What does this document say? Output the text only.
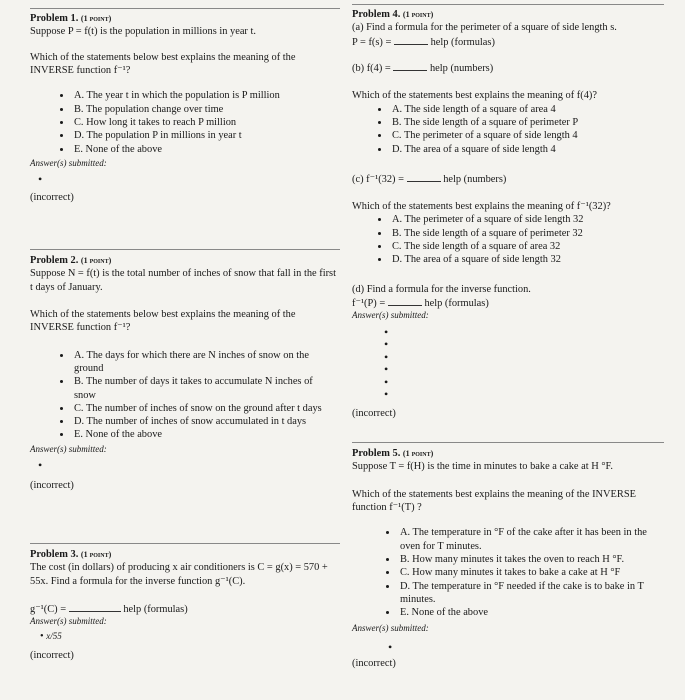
Problem 1. (1 point)

Suppose P = f(t) is the population in millions in year t.

Which of the statements below best explains the meaning of the INVERSE function f⁻¹?

• A. The year t in which the population is P million
• B. The population change over time
• C. How long it takes to reach P million
• D. The population P in millions in year t
• E. None of the above

Answer(s) submitted:

•

(incorrect)

Problem 2. (1 point)

Suppose N = f(t) is the total number of inches of snow that fall in the first t days of January.

Which of the statements below best explains the meaning of the INVERSE function f⁻¹?

• A. The days for which there are N inches of snow on the ground
• B. The number of days it takes to accumulate N inches of snow
• C. The number of inches of snow on the ground after t days
• D. The number of inches of snow accumulated in t days
• E. None of the above

Answer(s) submitted:

•

(incorrect)

Problem 3. (1 point)

The cost (in dollars) of producing x air conditioners is C = g(x) = 570 + 55x. Find a formula for the inverse function g⁻¹(C).

g⁻¹(C) =	help (formulas)

Answer(s) submitted:

• x/55

(incorrect)

Problem 4. (1 point)

(a) Find a formula for the perimeter of a square of side length s.

P = f(s) =	help (formulas)

(b) f(4) =	help (numbers)

Which of the statements best explains the meaning of f(4)?

• A. The side length of a square of area 4
• B. The side length of a square of perimeter P
• C. The perimeter of a square of side length 4
• D. The area of a square of side length 4

(c) f⁻¹(32) =	help (numbers)

Which of the statements best explains the meaning of f⁻¹(32)?

• A. The perimeter of a square of side length 32
• B. The side length of a square of perimeter 32
• C. The side length of a square of area 32
• D. The area of a square of side length 32

(d) Find a formula for the inverse function.

f⁻¹(P) =	help (formulas)

Answer(s) submitted:

•
•
•
•
•
•

(incorrect)

Problem 5. (1 point)

Suppose T = f(H) is the time in minutes to bake a cake at H °F.

Which of the statements best explains the meaning of the INVERSE function f⁻¹(T) ?

• A. The temperature in °F of the cake after it has been in the oven for T minutes.
• B. How many minutes it takes the oven to reach H °F.
• C. How many minutes it takes to bake a cake at H °F
• D. The temperature in °F needed if the cake is to bake in T minutes.
• E. None of the above

Answer(s) submitted:

•

(incorrect)
